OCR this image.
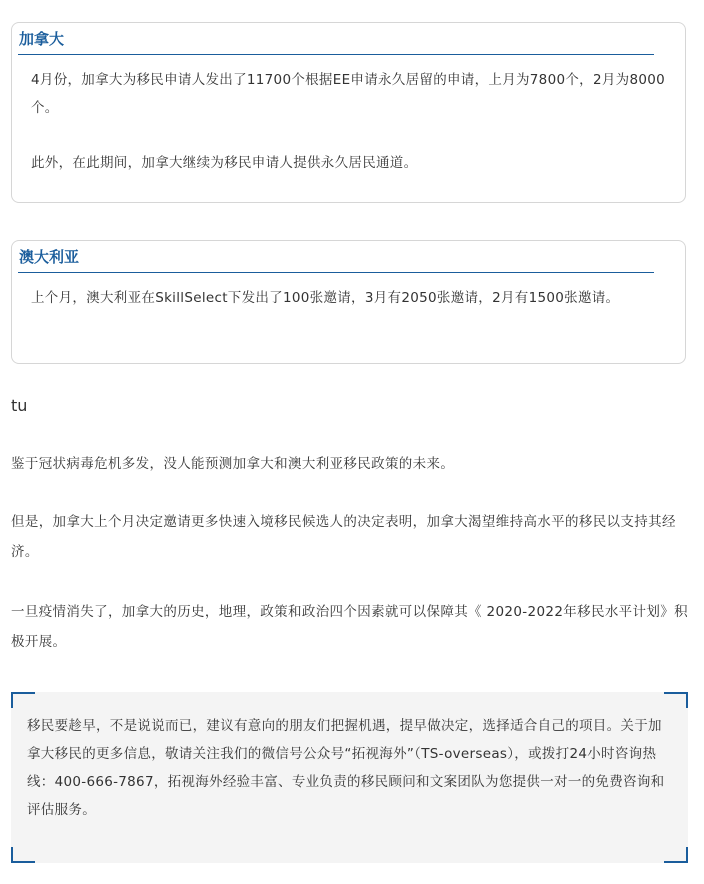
加拿大

4月份，加拿大为移民申请人发出了11700个根据EE申请永久居留的申请，上月为7800个，2月为8000个。

此外，在此期间，加拿大继续为移民申请人提供永久居民通道。

澳大利亚

上个月，澳大利亚在SkillSelect下发出了100张邀请，3月有2050张邀请，2月有1500张邀请。

tu

鉴于冠状病毒危机多发，没人能预测加拿大和澳大利亚移民政策的未来。

但是，加拿大上个月决定邀请更多快速入境移民候选人的决定表明，加拿大渴望维持高水平的移民以支持其经济。

一旦疫情消失了，加拿大的历史，地理，政策和政治四个因素就可以保障其《 2020-2022年移民水平计划》积极开展。

移民要趁早，不是说说而已，建议有意向的朋友们把握机遇，提早做决定，选择适合自己的项目。关于加拿大移民的更多信息，敬请关注我们的微信号公众号“拓视海外”（TS-overseas），或拨打24小时咨询热线：400-666-7867，拓视海外经验丰富、专业负责的移民顾问和文案团队为您提供一对一的免费咨询和评估服务。
